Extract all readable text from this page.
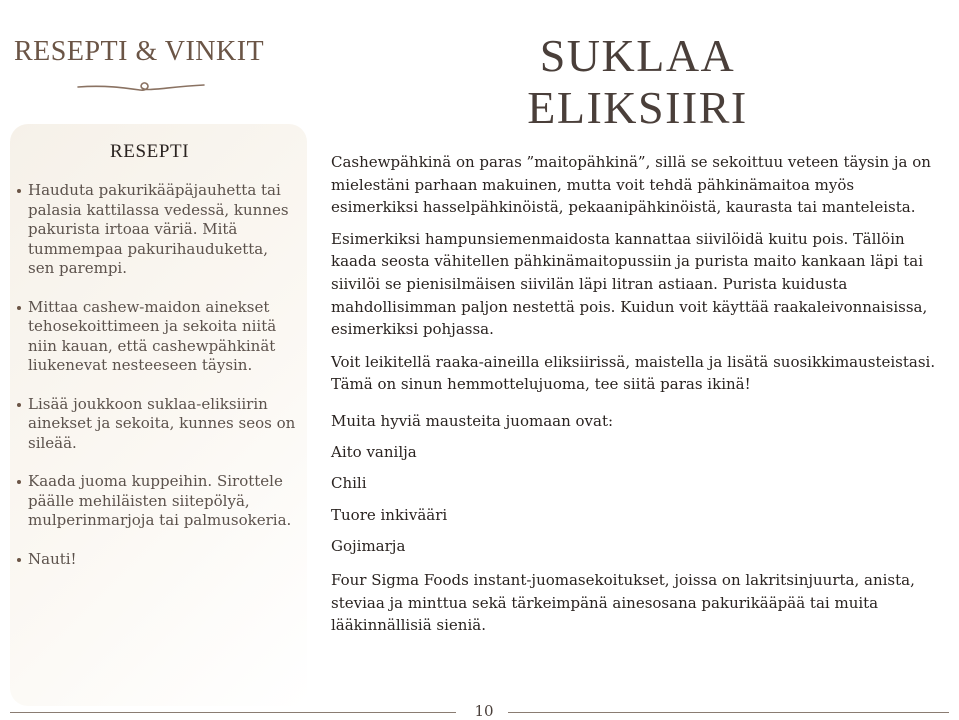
RESEPTI & VINKIT
RESEPTI
Hauduta pakurikääpäjauhetta tai palasia kattilassa vedessä, kunnes pakurista irtoaa väriä. Mitä tummempaa pakurihauduketta, sen parempi.
Mittaa cashew-maidon ainekset tehosekoittimeen ja sekoita niitä niin kauan, että cashewpähkinät liukenevat nesteeseen täysin.
Lisää joukkoon suklaa-eliksiirin ainekset ja sekoita, kunnes seos on sileää.
Kaada juoma kuppeihin. Sirottele päälle mehiläisten siitepölyä, mulperinmarjoja tai palmusokeria.
Nauti!
SUKLAA ELIKSIIRI

Cashewpähkinä on paras ”maitopähkinä”, sillä se sekoittuu veteen täysin ja on mielestäni parhaan makuinen, mutta voit tehdä pähkinämaitoa myös esimerkiksi hasselpähkinöistä, pekaanipähkinöistä, kaurasta tai manteleista.

Esimerkiksi hampunsiemenmaidosta kannattaa siivilöidä kuitu pois. Tällöin kaada seosta vähitellen pähkinämaitopussiin ja purista maito kankaan läpi tai siivilöi se pienisilmäisen siivilän läpi litran astiaan. Purista kuidusta mahdollisimman paljon nestettä pois. Kuidun voit käyttää raakaleivonnaisissa, esimerkiksi pohjassa.

Voit leikitellä raaka-aineilla eliksiirissä, maistella ja lisätä suosikkimausteistasi. Tämä on sinun hemmottelujuoma, tee siitä paras ikinä!

Muita hyviä mausteita juomaan ovat:

Aito vanilja

Chili

Tuore inkivääri

Gojimarja

Four Sigma Foods instant-juomasekoitukset, joissa on lakritsinjuurta, anista, steviaa ja minttua sekä tärkeimpänä ainesosana pakurikääpää tai muita lääkinnällisiä sieniä.

10
